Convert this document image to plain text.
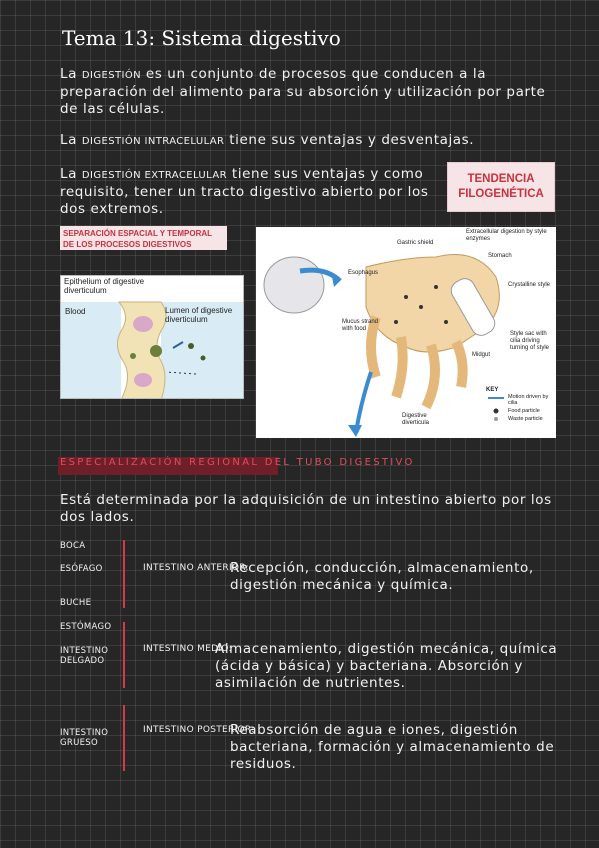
Tema 13: Sistema digestivo
La DIGESTIÓN es un conjunto de procesos que conducen a la preparación del alimento para su absorción y utilización por parte de las células.
La DIGESTIÓN INTRACELULAR tiene sus ventajas y desventajas.
La DIGESTIÓN EXTRACELULAR tiene sus ventajas y como requisito, tener un tracto digestivo abierto por los dos extremos.
TENDENCIA FILOGENÉTICA
SEPARACIÓN ESPACIAL Y TEMPORAL DE LOS PROCESOS DIGESTIVOS
Epithelium of digestive diverticulum
Blood	Lumen of digestive diverticulum
Gastric shield
Extracellular digestion by style enzymes
Stomach
Esophagus
Crystalline style
Mucus strand with food
Style sac with cilia driving turning of style
Midgut
Digestive diverticula
KEY
Motion driven by cilia
Food particle
Waste particle
ESPECIALIZACIÓN REGIONAL DEL TUBO DIGESTIVO
Está determinada por la adquisición de un intestino abierto por los dos lados.
BOCA
ESÓFAGO
BUCHE
ESTÓMAGO
INTESTINO DELGADO
INTESTINO GRUESO
INTESTINO ANTERIOR:
Recepción, conducción, almacenamiento, digestión mecánica y química.
INTESTINO MEDIO:
Almacenamiento, digestión mecánica, química (ácida y básica) y bacteriana. Absorción y asimilación de nutrientes.
INTESTINO POSTERIOR:
Reabsorción de agua e iones, digestión bacteriana, formación y almacenamiento de residuos.
